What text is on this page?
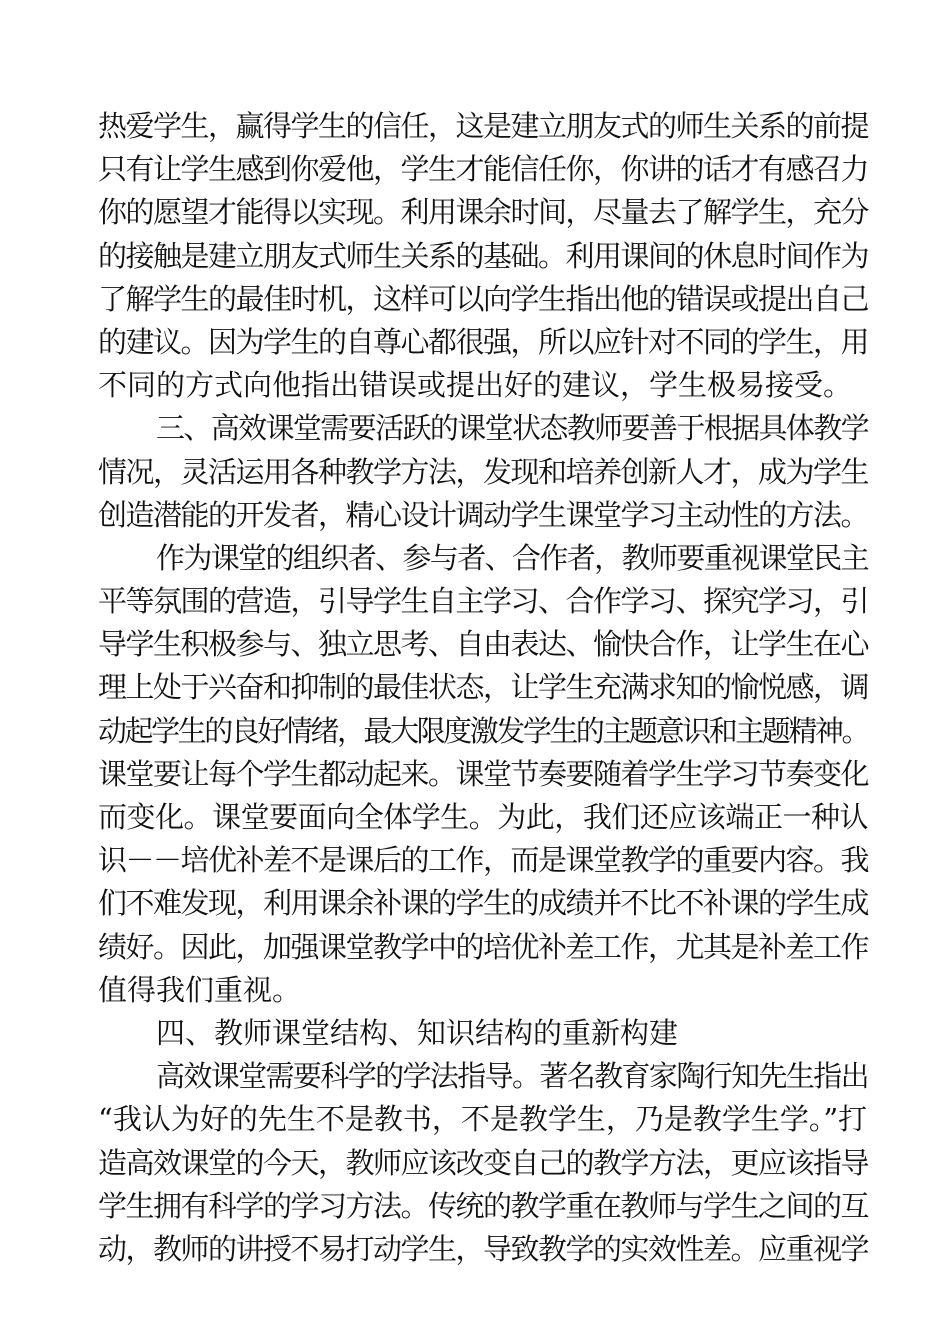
热爱学生，赢得学生的信任，这是建立朋友式的师生关系的前提
只有让学生感到你爱他，学生才能信任你，你讲的话才有感召力
你的愿望才能得以实现。利用课余时间，尽量去了解学生，充分
的接触是建立朋友式师生关系的基础。利用课间的休息时间作为
了解学生的最佳时机，这样可以向学生指出他的错误或提出自己
的建议。因为学生的自尊心都很强，所以应针对不同的学生，用
不同的方式向他指出错误或提出好的建议，学生极易接受。
三、高效课堂需要活跃的课堂状态教师要善于根据具体教学
情况，灵活运用各种教学方法，发现和培养创新人才，成为学生
创造潜能的开发者，精心设计调动学生课堂学习主动性的方法。
作为课堂的组织者、参与者、合作者，教师要重视课堂民主
平等氛围的营造，引导学生自主学习、合作学习、探究学习，引
导学生积极参与、独立思考、自由表达、愉快合作，让学生在心
理上处于兴奋和抑制的最佳状态，让学生充满求知的愉悦感，调
动起学生的良好情绪，最大限度激发学生的主题意识和主题精神。
课堂要让每个学生都动起来。课堂节奏要随着学生学习节奏变化
而变化。课堂要面向全体学生。为此，我们还应该端正一种认
识－－培优补差不是课后的工作，而是课堂教学的重要内容。我
们不难发现，利用课余补课的学生的成绩并不比不补课的学生成
绩好。因此，加强课堂教学中的培优补差工作，尤其是补差工作
值得我们重视。
四、教师课堂结构、知识结构的重新构建
高效课堂需要科学的学法指导。著名教育家陶行知先生指出
“我认为好的先生不是教书，不是教学生，乃是教学生学。”打
造高效课堂的今天，教师应该改变自己的教学方法，更应该指导
学生拥有科学的学习方法。传统的教学重在教师与学生之间的互
动，教师的讲授不易打动学生，导致教学的实效性差。应重视学
